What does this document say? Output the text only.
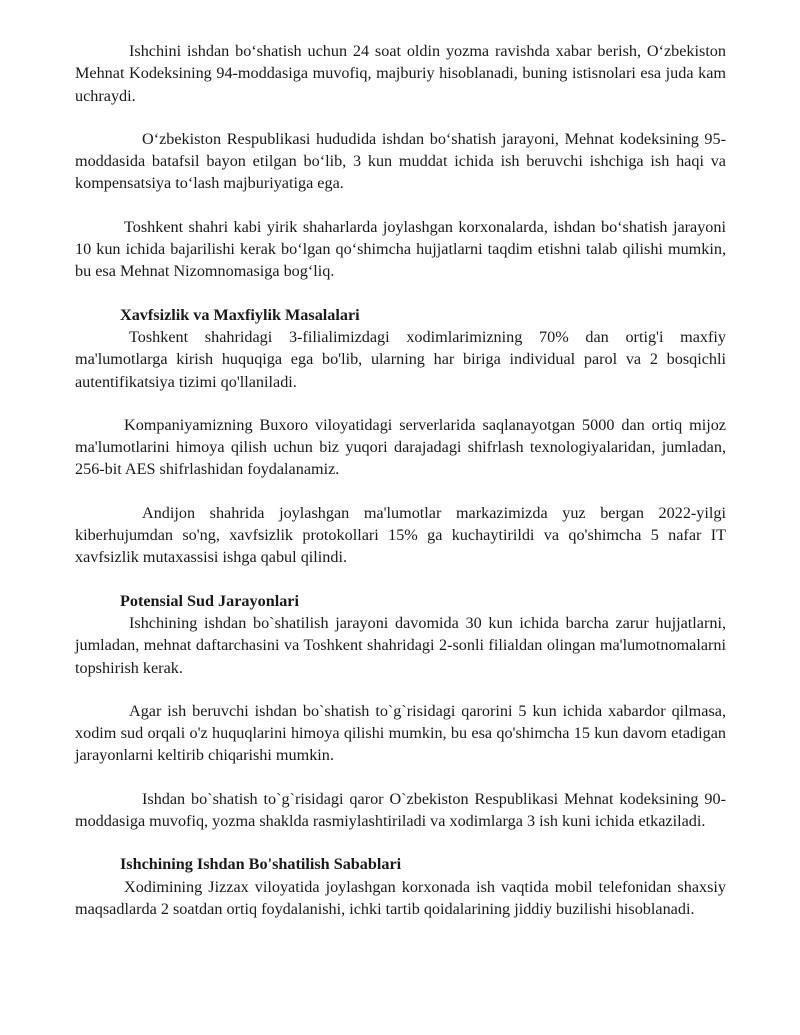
Ishchini ishdan bo‘shatish uchun 24 soat oldin yozma ravishda xabar berish, O‘zbekiston Mehnat Kodeksining 94-moddasiga muvofiq, majburiy hisoblanadi, buning istisnolari esa juda kam uchraydi.

O‘zbekiston Respublikasi hududida ishdan bo‘shatish jarayoni, Mehnat kodeksining 95-moddasida batafsil bayon etilgan bo‘lib, 3 kun muddat ichida ish beruvchi ishchiga ish haqi va kompensatsiya to‘lash majburiyatiga ega.

Toshkent shahri kabi yirik shaharlarda joylashgan korxonalarda, ishdan bo‘shatish jarayoni 10 kun ichida bajarilishi kerak bo‘lgan qo‘shimcha hujjatlarni taqdim etishni talab qilishi mumkin, bu esa Mehnat Nizomnomasiga bog‘liq.

Xavfsizlik va Maxfiylik Masalalari

Toshkent shahridagi 3-filialimizdagi xodimlarimizning 70% dan ortig'i maxfiy ma'lumotlarga kirish huquqiga ega bo'lib, ularning har biriga individual parol va 2 bosqichli autentifikatsiya tizimi qo'llaniladi.

Kompaniyamizning Buxoro viloyatidagi serverlarida saqlanayotgan 5000 dan ortiq mijoz ma'lumotlarini himoya qilish uchun biz yuqori darajadagi shifrlash texnologiyalaridan, jumladan, 256-bit AES shifrlashidan foydalanamiz.

Andijon shahrida joylashgan ma'lumotlar markazimizda yuz bergan 2022-yilgi kiberhujumdan so'ng, xavfsizlik protokollari 15% ga kuchaytirildi va qo'shimcha 5 nafar IT xavfsizlik mutaxassisi ishga qabul qilindi.

Potensial Sud Jarayonlari

Ishchining ishdan bo`shatilish jarayoni davomida 30 kun ichida barcha zarur hujjatlarni, jumladan, mehnat daftarchasini va Toshkent shahridagi 2-sonli filialdan olingan ma'lumotnomalarni topshirish kerak.

Agar ish beruvchi ishdan bo`shatish to`g`risidagi qarorini 5 kun ichida xabardor qilmasa, xodim sud orqali o'z huquqlarini himoya qilishi mumkin, bu esa qo'shimcha 15 kun davom etadigan jarayonlarni keltirib chiqarishi mumkin.

Ishdan bo`shatish to`g`risidagi qaror O`zbekiston Respublikasi Mehnat kodeksining 90-moddasiga muvofiq, yozma shaklda rasmiylashtiriladi va xodimlarga 3 ish kuni ichida etkaziladi.

Ishchining Ishdan Bo'shatilish Sabablari

Xodimining Jizzax viloyatida joylashgan korxonada ish vaqtida mobil telefonidan shaxsiy maqsadlarda 2 soatdan ortiq foydalanishi, ichki tartib qoidalarining jiddiy buzilishi hisoblanadi.
